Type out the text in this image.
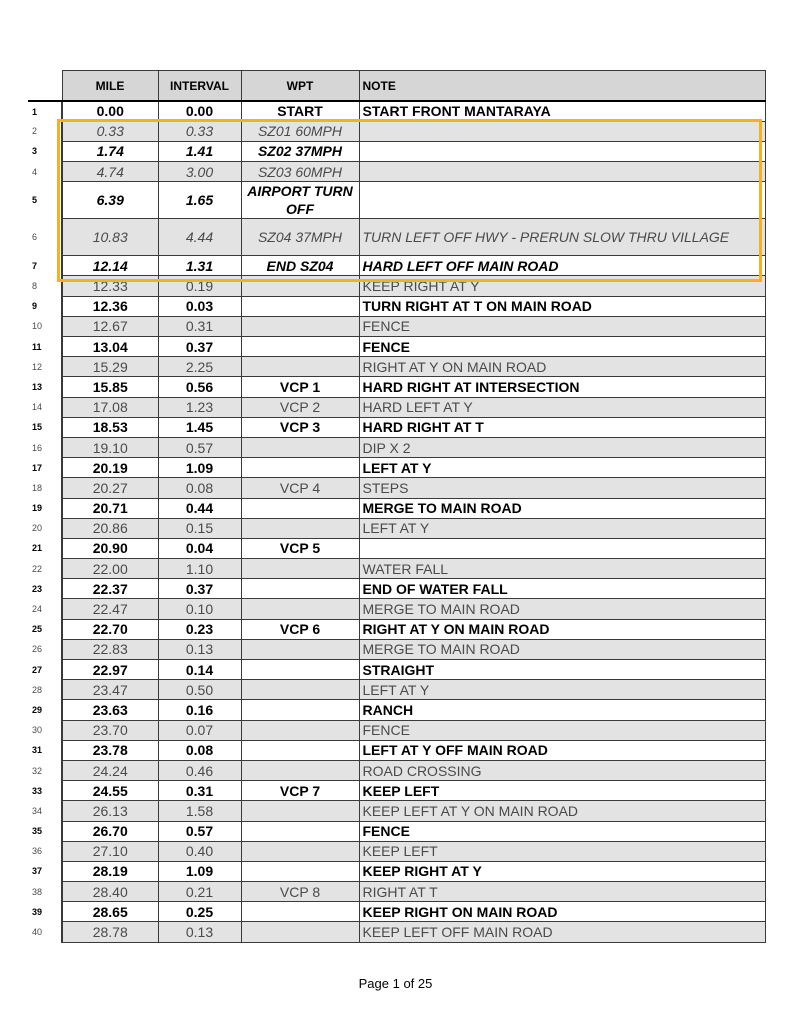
	MILE	INTERVAL	WPT	NOTE
1	0.00	0.00	START	START FRONT MANTARAYA
2	0.33	0.33	SZ01 60MPH	
3	1.74	1.41	SZ02 37MPH	
4	4.74	3.00	SZ03 60MPH	
5	6.39	1.65	AIRPORT TURN OFF	
6	10.83	4.44	SZ04 37MPH	TURN LEFT OFF HWY - PRERUN SLOW THRU VILLAGE
7	12.14	1.31	END SZ04	HARD LEFT OFF MAIN ROAD
8	12.33	0.19		KEEP RIGHT AT Y
9	12.36	0.03		TURN RIGHT AT T ON MAIN ROAD
10	12.67	0.31		FENCE
11	13.04	0.37		FENCE
12	15.29	2.25		RIGHT AT Y ON MAIN ROAD
13	15.85	0.56	VCP 1	HARD RIGHT AT INTERSECTION
14	17.08	1.23	VCP 2	HARD LEFT AT Y
15	18.53	1.45	VCP 3	HARD RIGHT AT T
16	19.10	0.57		DIP X 2
17	20.19	1.09		LEFT AT Y
18	20.27	0.08	VCP 4	STEPS
19	20.71	0.44		MERGE TO MAIN ROAD
20	20.86	0.15		LEFT AT Y
21	20.90	0.04	VCP 5	
22	22.00	1.10		WATER FALL
23	22.37	0.37		END OF WATER FALL
24	22.47	0.10		MERGE TO MAIN ROAD
25	22.70	0.23	VCP 6	RIGHT AT Y ON MAIN ROAD
26	22.83	0.13		MERGE TO MAIN ROAD
27	22.97	0.14		STRAIGHT
28	23.47	0.50		LEFT AT Y
29	23.63	0.16		RANCH
30	23.70	0.07		FENCE
31	23.78	0.08		LEFT AT Y OFF MAIN ROAD
32	24.24	0.46		ROAD CROSSING
33	24.55	0.31	VCP 7	KEEP LEFT
34	26.13	1.58		KEEP LEFT AT Y ON MAIN ROAD
35	26.70	0.57		FENCE
36	27.10	0.40		KEEP LEFT
37	28.19	1.09		KEEP RIGHT AT Y
38	28.40	0.21	VCP 8	RIGHT AT T
39	28.65	0.25		KEEP RIGHT ON MAIN ROAD
40	28.78	0.13		KEEP LEFT OFF MAIN ROAD
Page 1 of 25
